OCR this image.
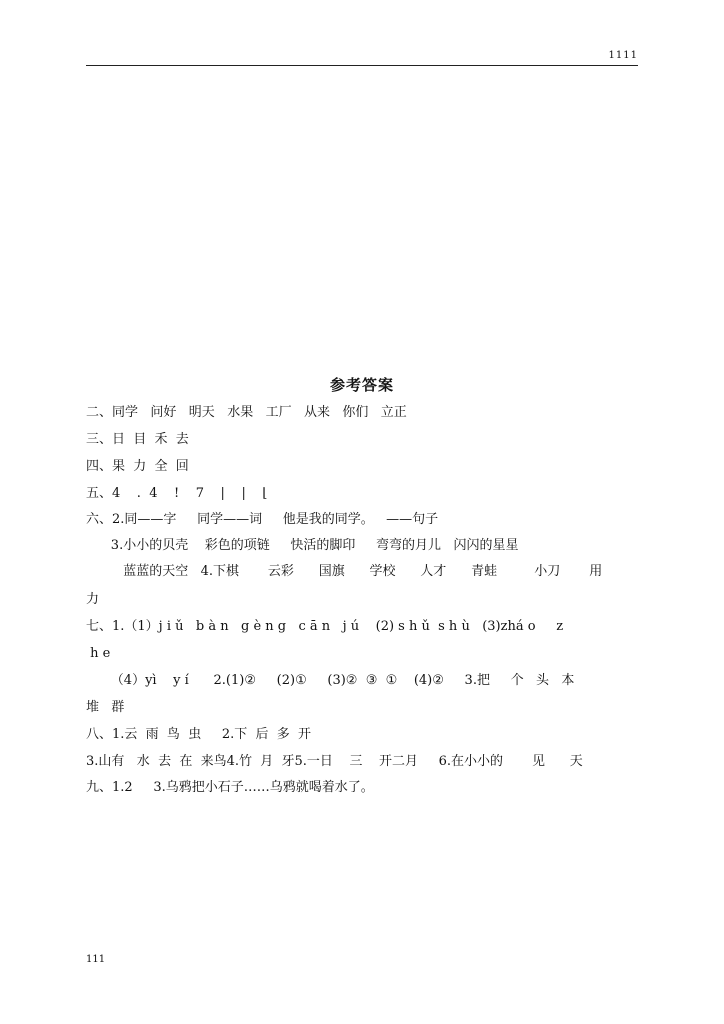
1111
参考答案
二、同学   问好   明天   水果   工厂   从来   你们   立正
三、日  目  禾  去
四、果  力  全  回
五、4    .  4    !    7    |    |    ⌊
六、2.同——字     同学——词     他是我的同学。   ——句子
3.小小的贝壳    彩色的项链     快活的脚印     弯弯的月儿   闪闪的星星
蓝蓝的天空   4.下棋       云彩      国旗      学校      人才      青蛙         小刀       用
力
七、1.（1）j i ǔ   b à n   g è n g   c ā n   j ú    (2) s h ǔ  s h ù   (3)zhá o     z
h e
（4）yì    y í      2.(1)②     (2)①     (3)②  ③  ①    (4)②     3.把     个   头   本
堆   群
八、1.云  雨  鸟  虫     2.下  后  多  开
3.山有   水  去  在  来鸟4.竹  月  牙5.一日    三    开二月     6.在小小的       见      天
九、1.2     3.乌鸦把小石子……乌鸦就喝着水了。
111
